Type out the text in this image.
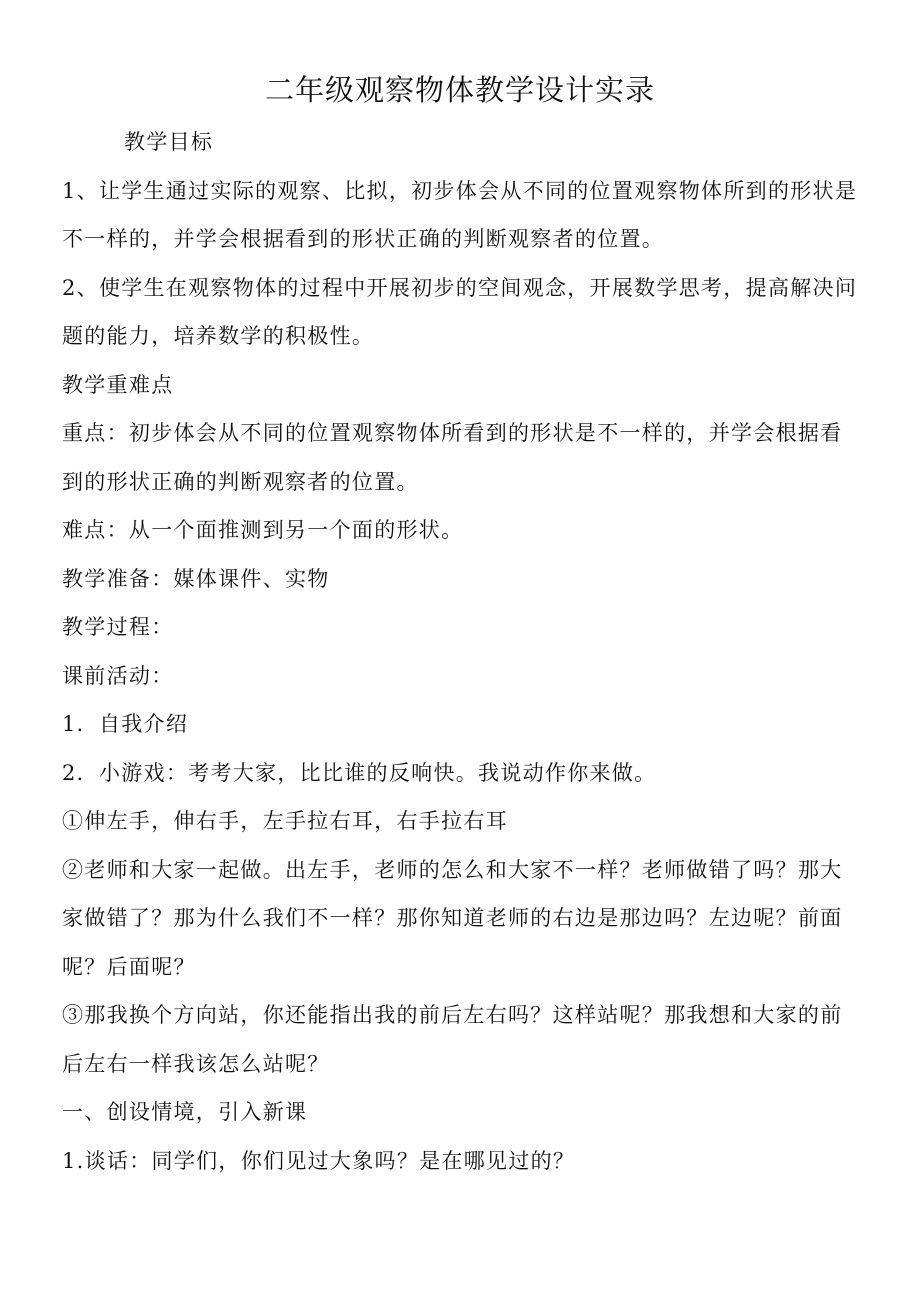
二年级观察物体教学设计实录

教学目标

1、让学生通过实际的观察、比拟，初步体会从不同的位置观察物体所到的形状是不一样的，并学会根据看到的形状正确的判断观察者的位置。

2、使学生在观察物体的过程中开展初步的空间观念，开展数学思考，提高解决问题的能力，培养数学的积极性。

教学重难点

重点：初步体会从不同的位置观察物体所看到的形状是不一样的，并学会根据看到的形状正确的判断观察者的位置。

难点：从一个面推测到另一个面的形状。

教学准备：媒体课件、实物

教学过程：

课前活动：

1．自我介绍

2．小游戏：考考大家，比比谁的反响快。我说动作你来做。

①伸左手，伸右手，左手拉右耳，右手拉右耳

②老师和大家一起做。出左手，老师的怎么和大家不一样？老师做错了吗？那大家做错了？那为什么我们不一样？那你知道老师的右边是那边吗？左边呢？前面呢？后面呢？

③那我换个方向站，你还能指出我的前后左右吗？这样站呢？那我想和大家的前后左右一样我该怎么站呢？

一、创设情境，引入新课

1.谈话：同学们，你们见过大象吗？是在哪见过的？
